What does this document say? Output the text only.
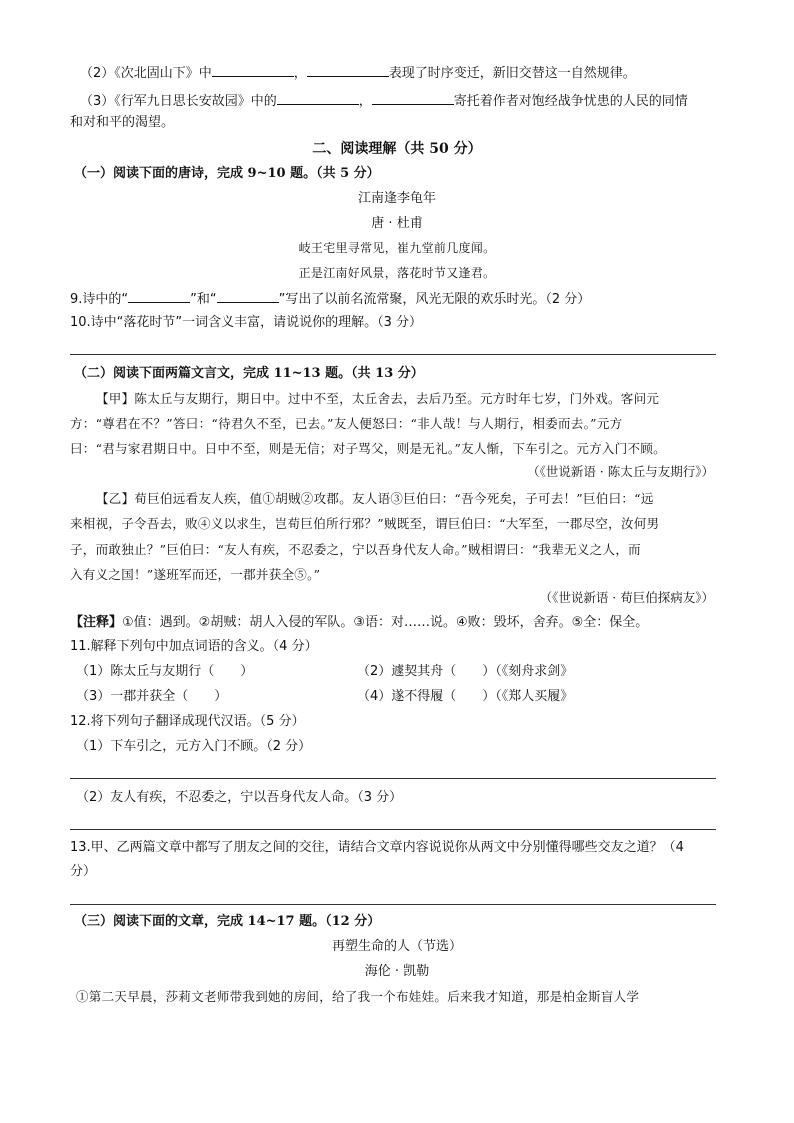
（2）《次北固山下》中	，	表现了时序变迁，新旧交替这一自然规律。
（3）《行军九日思长安故园》中的	，	寄托着作者对饱经战争忧患的人民的同情
和对和平的渴望。
二、阅读理解（共 50 分）
（一）阅读下面的唐诗，完成 9~10 题。（共 5 分）
江南逢李龟年
唐 · 杜甫
岐王宅里寻常见，崔九堂前几度闻。
正是江南好风景，落花时节又逢君。
9.诗中的“	”和“	”写出了以前名流常聚，风光无限的欢乐时光。（2 分）
10.诗中“落花时节”一词含义丰富，请说说你的理解。（3 分）
（二）阅读下面两篇文言文，完成 11~13 题。（共 13 分）
【甲】陈太丘与友期行，期日中。过中不至，太丘舍去，去后乃至。元方时年七岁，门外戏。客问元
方：“尊君在不？”答曰：“待君久不至，已去。”友人便怒曰：“非人哉！与人期行，相委而去。”元方
曰：“君与家君期日中。日中不至，则是无信；对子骂父，则是无礼。”友人惭，下车引之。元方入门不顾。
（《世说新语 · 陈太丘与友期行》）
【乙】荀巨伯远看友人疾，值①胡贼②攻郡。友人语③巨伯曰：“吾今死矣，子可去！”巨伯曰：“远
来相视，子令吾去，败④义以求生，岂荀巨伯所行邪？”贼既至，谓巨伯曰：“大军至，一郡尽空，汝何男
子，而敢独止？”巨伯曰：“友人有疾，不忍委之，宁以吾身代友人命。”贼相谓曰：“我辈无义之人，而
入有义之国！”遂班军而还，一郡并获全⑤。”
（《世说新语 · 荀巨伯探病友》）
【注释】①值：遇到。②胡贼：胡人入侵的军队。③语：对……说。④败：毁坏，舍弃。⑤全：保全。
11.解释下列句中加点词语的含义。（4 分）
（1）陈太丘与友期行（　　）	（2）遽契其舟（　　）（《刻舟求剑》
（3）一郡并获全（　　）	（4）遂不得履（　　）（《郑人买履》
12.将下列句子翻译成现代汉语。（5 分）
（1）下车引之，元方入门不顾。（2 分）
（2）友人有疾，不忍委之，宁以吾身代友人命。（3 分）
13.甲、乙两篇文章中都写了朋友之间的交往，请结合文章内容说说你从两文中分别懂得哪些交友之道？（4
分）
（三）阅读下面的文章，完成 14~17 题。（12 分）
再塑生命的人（节选）
海伦 · 凯勒
①第二天早晨，莎莉文老师带我到她的房间，给了我一个布娃娃。后来我才知道，那是柏金斯盲人学
